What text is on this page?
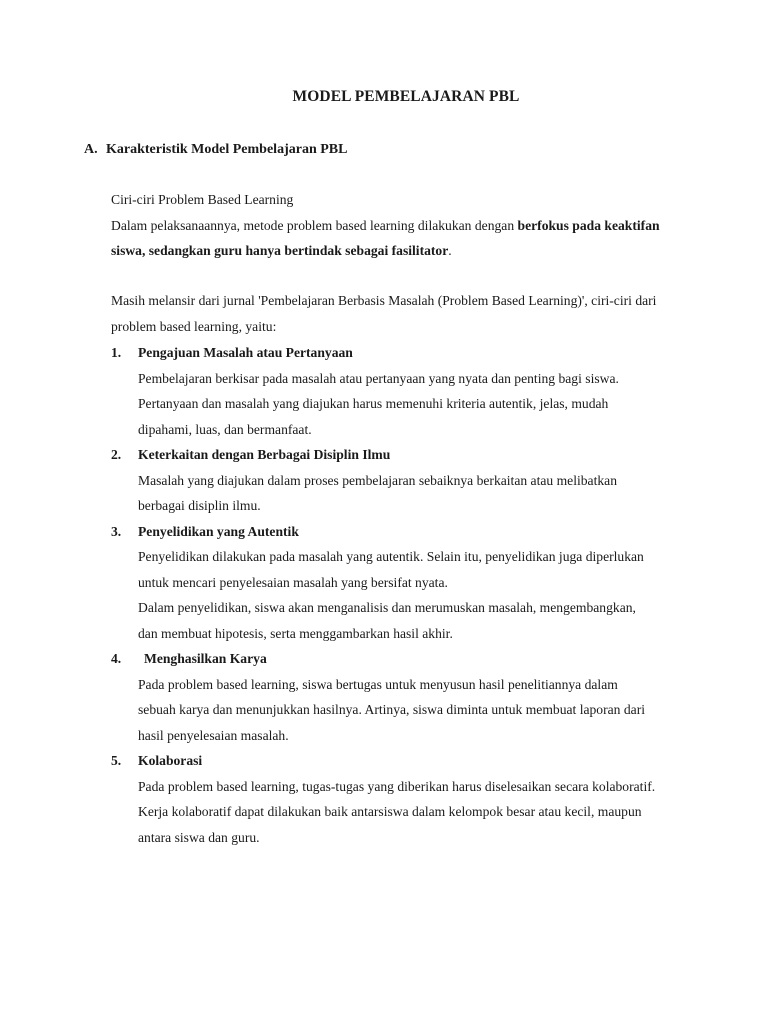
MODEL PEMBELAJARAN PBL
A. Karakteristik Model Pembelajaran PBL

Ciri-ciri Problem Based Learning

Dalam pelaksanaannya, metode problem based learning dilakukan dengan berfokus pada keaktifan siswa, sedangkan guru hanya bertindak sebagai fasilitator.

Masih melansir dari jurnal 'Pembelajaran Berbasis Masalah (Problem Based Learning)', ciri-ciri dari problem based learning, yaitu:

1. Pengajuan Masalah atau Pertanyaan

Pembelajaran berkisar pada masalah atau pertanyaan yang nyata dan penting bagi siswa. Pertanyaan dan masalah yang diajukan harus memenuhi kriteria autentik, jelas, mudah dipahami, luas, dan bermanfaat.

2. Keterkaitan dengan Berbagai Disiplin Ilmu

Masalah yang diajukan dalam proses pembelajaran sebaiknya berkaitan atau melibatkan berbagai disiplin ilmu.

3. Penyelidikan yang Autentik

Penyelidikan dilakukan pada masalah yang autentik. Selain itu, penyelidikan juga diperlukan untuk mencari penyelesaian masalah yang bersifat nyata.

Dalam penyelidikan, siswa akan menganalisis dan merumuskan masalah, mengembangkan, dan membuat hipotesis, serta menggambarkan hasil akhir.

4. Menghasilkan Karya

Pada problem based learning, siswa bertugas untuk menyusun hasil penelitiannya dalam sebuah karya dan menunjukkan hasilnya. Artinya, siswa diminta untuk membuat laporan dari hasil penyelesaian masalah.

5. Kolaborasi

Pada problem based learning, tugas-tugas yang diberikan harus diselesaikan secara kolaboratif. Kerja kolaboratif dapat dilakukan baik antarsiswa dalam kelompok besar atau kecil, maupun antara siswa dan guru.
